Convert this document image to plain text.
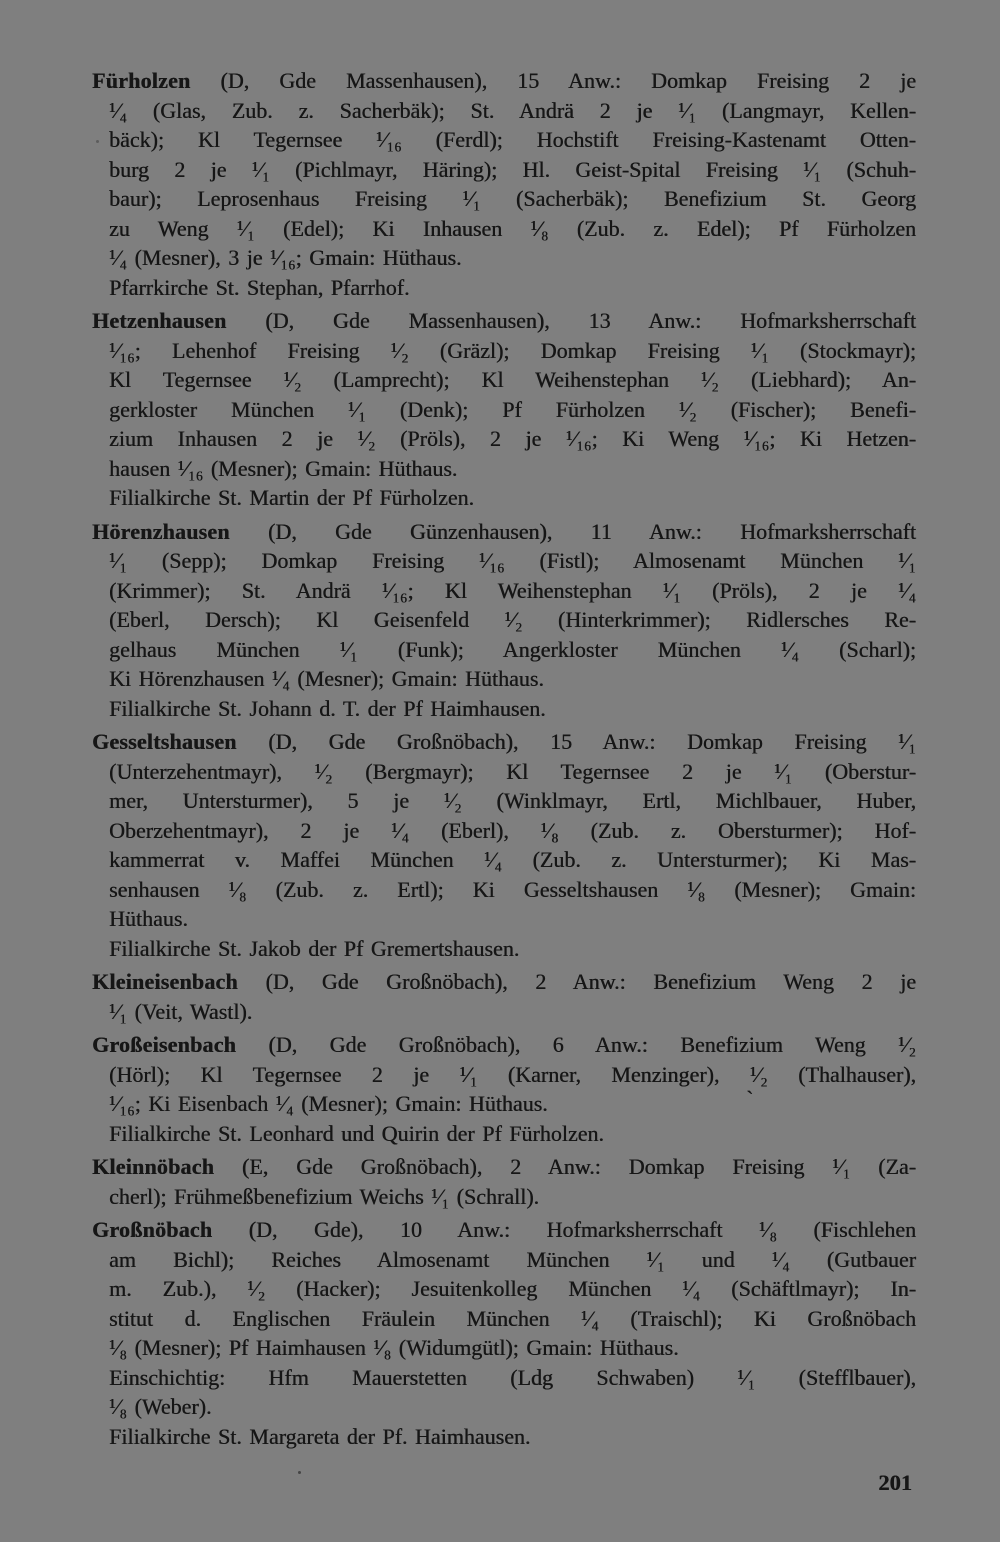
Fürholzen (D, Gde Massenhausen), 15 Anw.: Domkap Freising 2 je
¹⁄₄ (Glas, Zub. z. Sacherbäk); St. Andrä 2 je ¹⁄₁ (Langmayr, Kellen-
bäck); Kl Tegernsee ¹⁄₁₆ (Ferdl); Hochstift Freising-Kastenamt Otten-
burg 2 je ¹⁄₁ (Pichlmayr, Häring); Hl. Geist-Spital Freising ¹⁄₁ (Schuh-
baur); Leprosenhaus Freising ¹⁄₁ (Sacherbäk); Benefizium St. Georg
zu Weng ¹⁄₁ (Edel); Ki Inhausen ¹⁄₈ (Zub. z. Edel); Pf Fürholzen
¹⁄₄ (Mesner), 3 je ¹⁄₁₆; Gmain: Hüthaus.
Pfarrkirche St. Stephan, Pfarrhof.
Hetzenhausen (D, Gde Massenhausen), 13 Anw.: Hofmarksherrschaft
¹⁄₁₆; Lehenhof Freising ¹⁄₂ (Gräzl); Domkap Freising ¹⁄₁ (Stockmayr);
Kl Tegernsee ¹⁄₂ (Lamprecht); Kl Weihenstephan ¹⁄₂ (Liebhard); An-
gerkloster München ¹⁄₁ (Denk); Pf Fürholzen ¹⁄₂ (Fischer); Benefi-
zium Inhausen 2 je ¹⁄₂ (Pröls), 2 je ¹⁄₁₆; Ki Weng ¹⁄₁₆; Ki Hetzen-
hausen ¹⁄₁₆ (Mesner); Gmain: Hüthaus.
Filialkirche St. Martin der Pf Fürholzen.
Hörenzhausen (D, Gde Günzenhausen), 11 Anw.: Hofmarksherrschaft
¹⁄₁ (Sepp); Domkap Freising ¹⁄₁₆ (Fistl); Almosenamt München ¹⁄₁
(Krimmer); St. Andrä ¹⁄₁₆; Kl Weihenstephan ¹⁄₁ (Pröls), 2 je ¹⁄₄
(Eberl, Dersch); Kl Geisenfeld ¹⁄₂ (Hinterkrimmer); Ridlersches Re-
gelhaus München ¹⁄₁ (Funk); Angerkloster München ¹⁄₄ (Scharl);
Ki Hörenzhausen ¹⁄₄ (Mesner); Gmain: Hüthaus.
Filialkirche St. Johann d. T. der Pf Haimhausen.
Gesseltshausen (D, Gde Großnöbach), 15 Anw.: Domkap Freising ¹⁄₁
(Unterzehentmayr), ¹⁄₂ (Bergmayr); Kl Tegernsee 2 je ¹⁄₁ (Oberstur-
mer, Untersturmer), 5 je ¹⁄₂ (Winklmayr, Ertl, Michlbauer, Huber,
Oberzehentmayr), 2 je ¹⁄₄ (Eberl), ¹⁄₈ (Zub. z. Obersturmer); Hof-
kammerrat v. Maffei München ¹⁄₄ (Zub. z. Untersturmer); Ki Mas-
senhausen ¹⁄₈ (Zub. z. Ertl); Ki Gesseltshausen ¹⁄₈ (Mesner); Gmain:
Hüthaus.
Filialkirche St. Jakob der Pf Gremertshausen.
Kleineisenbach (D, Gde Großnöbach), 2 Anw.: Benefizium Weng 2 je
¹⁄₁ (Veit, Wastl).
Großeisenbach (D, Gde Großnöbach), 6 Anw.: Benefizium Weng ¹⁄₂
(Hörl); Kl Tegernsee 2 je ¹⁄₁ (Karner, Menzinger), ¹⁄₂ (Thalhauser),
¹⁄₁₆; Ki Eisenbach ¹⁄₄ (Mesner); Gmain: Hüthaus.	`
Filialkirche St. Leonhard und Quirin der Pf Fürholzen.
Kleinnöbach (E, Gde Großnöbach), 2 Anw.: Domkap Freising ¹⁄₁ (Za-
cherl); Frühmeßbenefizium Weichs ¹⁄₁ (Schrall).
Großnöbach (D, Gde), 10 Anw.: Hofmarksherrschaft ¹⁄₈ (Fischlehen
am Bichl); Reiches Almosenamt München ¹⁄₁ und ¹⁄₄ (Gutbauer
m. Zub.), ¹⁄₂ (Hacker); Jesuitenkolleg München ¹⁄₄ (Schäftlmayr); In-
stitut d. Englischen Fräulein München ¹⁄₄ (Traischl); Ki Großnöbach
¹⁄₈ (Mesner); Pf Haimhausen ¹⁄₈ (Widumgütl); Gmain: Hüthaus.
Einschichtig: Hfm Mauerstetten (Ldg Schwaben) ¹⁄₁ (Stefflbauer),
¹⁄₈ (Weber).
Filialkirche St. Margareta der Pf. Haimhausen.
201
